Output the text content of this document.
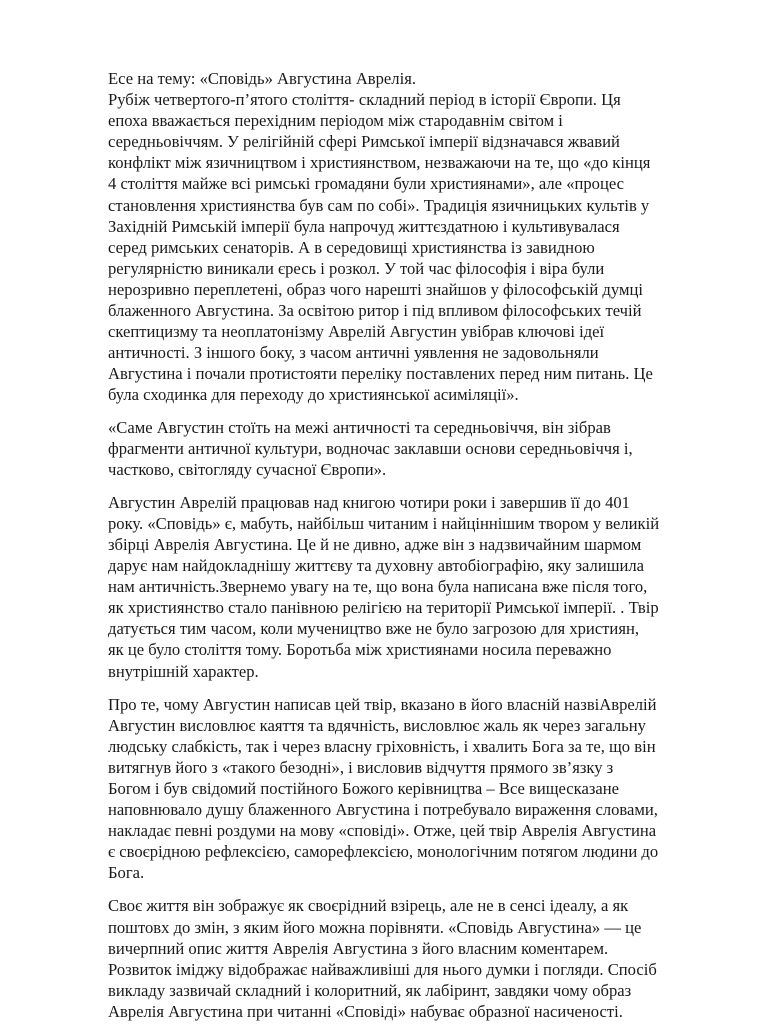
Есе на тему: «Сповідь» Августина Аврелія.
Рубіж четвертого-п’ятого століття- складний період в історії Європи. Ця
епоха вважається перехідним періодом між стародавнім світом і
середньовіччям. У релігійній сфері Римської імперії відзначався жвавий
конфлікт між язичництвом і християнством, незважаючи на те, що «до кінця
4 століття майже всі римські громадяни були християнами», але «процес
становлення християнства був сам по собі». Традиція язичницьких культів у
Західній Римській імперії була напрочуд життєздатною і культивувалася
серед римських сенаторів. А в середовищі християнства із завидною
регулярністю виникали єресь і розкол. У той час філософія і віра були
нерозривно переплетені, образ чого нарешті знайшов у філософській думці
блаженного Августина. За освітою ритор і під впливом філософських течій
скептицизму та неоплатонізму Аврелій Августин увібрав ключові ідеї
античності. З іншого боку, з часом античні уявлення не задовольняли
Августина і почали протистояти переліку поставлених перед ним питань. Це
була сходинка для переходу до християнської асиміляції».
«Саме Августин стоїть на межі античності та середньовіччя, він зібрав
фрагменти античної культури, водночас заклавши основи середньовіччя і,
частково, світогляду сучасної Європи».
Августин Аврелій працював над книгою чотири роки і завершив її до 401
року. «Сповідь» є, мабуть, найбільш читаним і найціннішим твором у великій
збірці Аврелія Августина. Це й не дивно, адже він з надзвичайним шармом
дарує нам найдокладнішу життєву та духовну автобіографію, яку залишила
нам античність.Звернемо увагу на те, що вона була написана вже після того,
як християнство стало панівною релігією на території Римської імперії. . Твір
датується тим часом, коли мучеництво вже не було загрозою для християн,
як це було століття тому. Боротьба між християнами носила переважно
внутрішній характер.
Про те, чому Августин написав цей твір, вказано в його власній назвіАврелій
Августин висловлює каяття та вдячність, висловлює жаль як через загальну
людську слабкість, так і через власну гріховність, і хвалить Бога за те, що він
витягнув його з «такого безодні», і висловив відчуття прямого зв’язку з
Богом і був свідомий постійного Божого керівництва – Все вищесказане
наповнювало душу блаженного Августина і потребувало вираження словами,
накладає певні роздуми на мову «сповіді». Отже, цей твір Аврелія Августина
є своєрідною рефлексією, саморефлексією, монологічним потягом людини до
Бога.
Своє життя він зображує як своєрідний взірець, але не в сенсі ідеалу, а як
поштовх до змін, з яким його можна порівняти. «Сповідь Августина» — це
вичерпний опис життя Аврелія Августина з його власним коментарем.
Розвиток іміджу відображає найважливіші для нього думки і погляди. Спосіб
викладу зазвичай складний і колоритний, як лабіринт, завдяки чому образ
Аврелія Августина при читанні «Сповіді» набуває образної насиченості.
